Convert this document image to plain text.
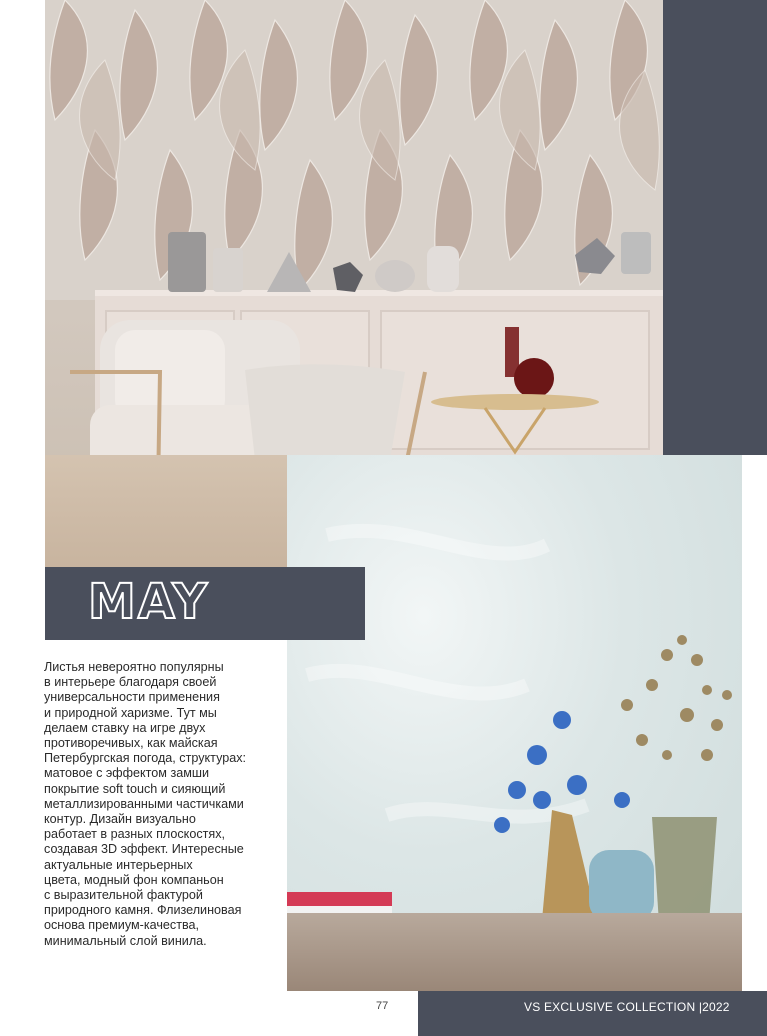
MAY
Листья невероятно популярны
в интерьере благодаря своей
универсальности применения
и природной харизме. Тут мы
делаем ставку на игре двух
противоречивых, как майская
Петербургская погода, структурах:
матовое с эффектом замши
покрытие soft touch и сияющий
металлизированными частичками
контур. Дизайн визуально
работает в разных плоскостях,
создавая 3D эффект. Интересные
актуальные интерьерных
цвета, модный фон компаньон
с выразительной фактурой
природного камня. Флизелиновая
основа премиум-качества,
минимальный слой винила.
77	VS EXCLUSIVE COLLECTION |2022
